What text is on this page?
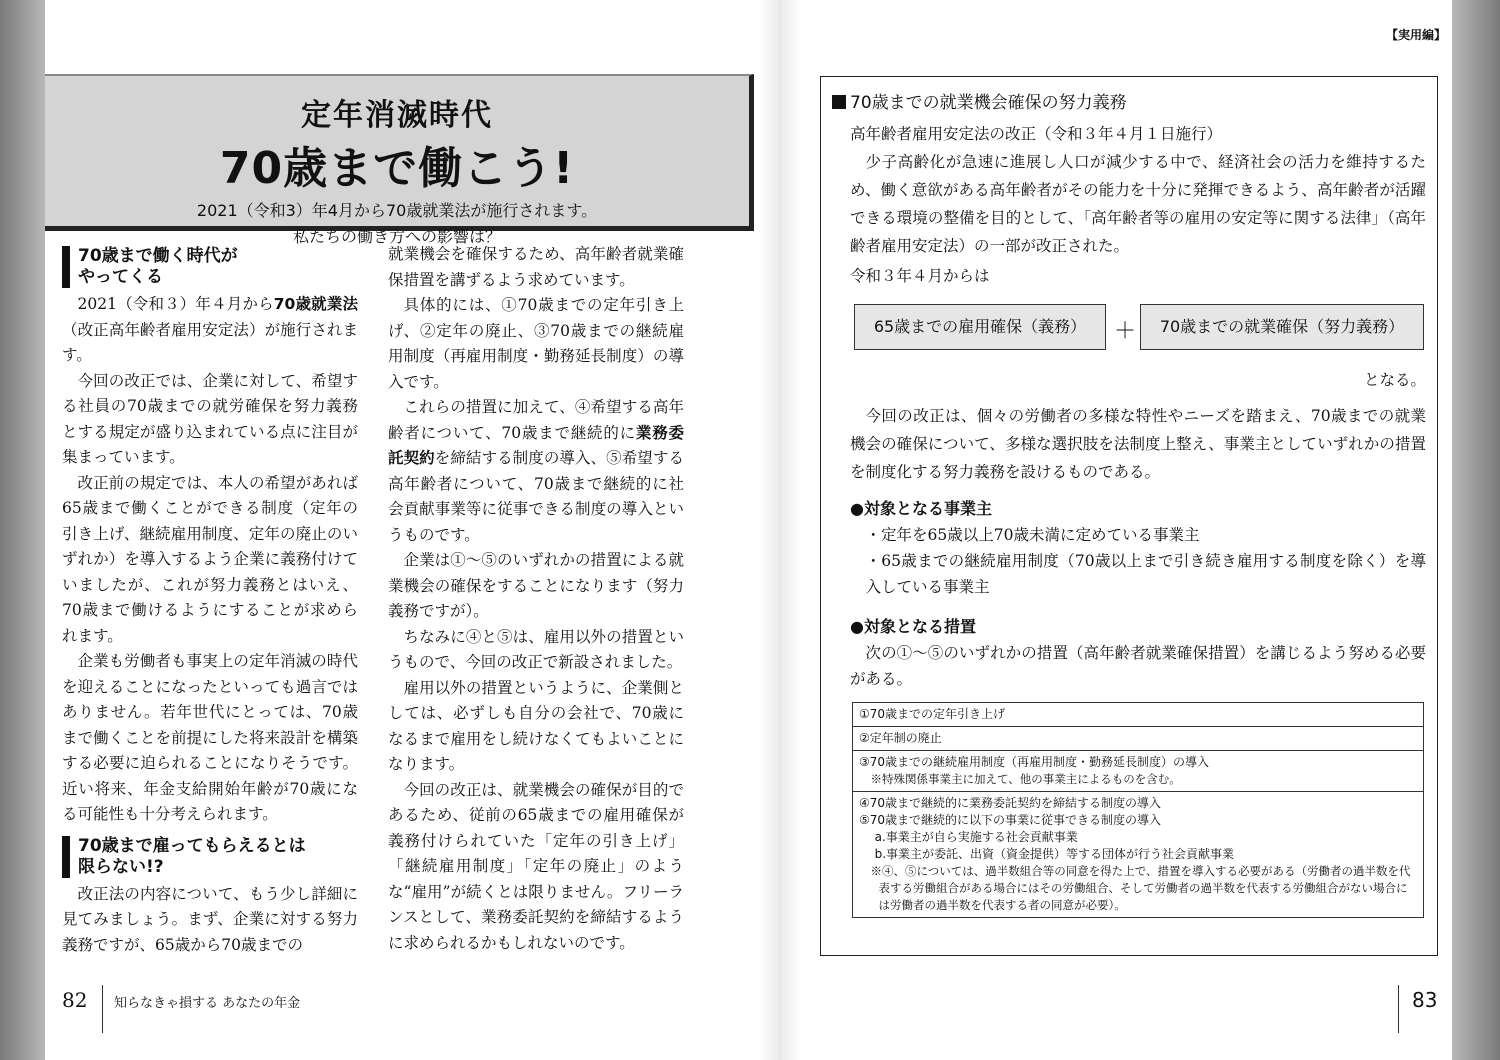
【実用編】
定年消滅時代
70歳まで働こう!
2021（令和3）年4月から70歳就業法が施行されます。
私たちの働き方への影響は？
70歳まで働く時代が
やってくる

2021（令和３）年４月から70歳就業法（改正高年齢者雇用安定法）が施行されます。

今回の改正では、企業に対して、希望する社員の70歳までの就労確保を努力義務とする規定が盛り込まれている点に注目が集まっています。

改正前の規定では、本人の希望があれば65歳まで働くことができる制度（定年の引き上げ、継続雇用制度、定年の廃止のいずれか）を導入するよう企業に義務付けていましたが、これが努力義務とはいえ、70歳まで働けるようにすることが求められます。

企業も労働者も事実上の定年消滅の時代を迎えることになったといっても過言ではありません。若年世代にとっては、70歳まで働くことを前提にした将来設計を構築する必要に迫られることになりそうです。近い将来、年金支給開始年齢が70歳になる可能性も十分考えられます。

70歳まで雇ってもらえるとは
限らない!?

改正法の内容について、もう少し詳細に見てみましょう。まず、企業に対する努力義務ですが、65歳から70歳までの

就業機会を確保するため、高年齢者就業確保措置を講ずるよう求めています。

具体的には、①70歳までの定年引き上げ、②定年の廃止、③70歳までの継続雇用制度（再雇用制度・勤務延長制度）の導入です。

これらの措置に加えて、④希望する高年齢者について、70歳まで継続的に業務委託契約を締結する制度の導入、⑤希望する高年齢者について、70歳まで継続的に社会貢献事業等に従事できる制度の導入というものです。

企業は①～⑤のいずれかの措置による就業機会の確保をすることになります（努力義務ですが）。

ちなみに④と⑤は、雇用以外の措置というもので、今回の改正で新設されました。

雇用以外の措置というように、企業側としては、必ずしも自分の会社で、70歳になるまで雇用をし続けなくてもよいことになります。

今回の改正は、就業機会の確保が目的であるため、従前の65歳までの雇用確保が義務付けられていた「定年の引き上げ」「継続雇用制度」「定年の廃止」のような“雇用”が続くとは限りません。フリーランスとして、業務委託契約を締結するように求められるかもしれないのです。

82 知らなきゃ損する あなたの年金	83
70歳までの就業機会確保の努力義務

高年齢者雇用安定法の改正（令和３年４月１日施行）

少子高齢化が急速に進展し人口が減少する中で、経済社会の活力を維持するため、働く意欲がある高年齢者がその能力を十分に発揮できるよう、高年齢者が活躍できる環境の整備を目的として、「高年齢者等の雇用の安定等に関する法律」（高年齢者雇用安定法）の一部が改正された。

令和３年４月からは

65歳までの雇用確保（義務）	＋	70歳までの就業確保（努力義務）

となる。

今回の改正は、個々の労働者の多様な特性やニーズを踏まえ、70歳までの就業機会の確保について、多様な選択肢を法制度上整え、事業主としていずれかの措置を制度化する努力義務を設けるものである。

●対象となる事業主

・定年を65歳以上70歳未満に定めている事業主

・65歳までの継続雇用制度（70歳以上まで引き続き雇用する制度を除く）を導入している事業主

●対象となる措置

次の①～⑤のいずれかの措置（高年齢者就業確保措置）を講じるよう努める必要がある。

①70歳までの定年引き上げ
②定年制の廃止

③70歳までの継続雇用制度（再雇用制度・勤務延長制度）の導入
※特殊関係事業主に加えて、他の事業主によるものを含む。

④70歳まで継続的に業務委託契約を締結する制度の導入
⑤70歳まで継続的に以下の事業に従事できる制度の導入
a.事業主が自ら実施する社会貢献事業
b.事業主が委託、出資（資金提供）等する団体が行う社会貢献事業
※④、⑤については、過半数組合等の同意を得た上で、措置を導入する必要がある（労働者の過半数を代表する労働組合がある場合にはその労働組合、そして労働者の過半数を代表する労働組合がない場合には労働者の過半数を代表する者の同意が必要）。
